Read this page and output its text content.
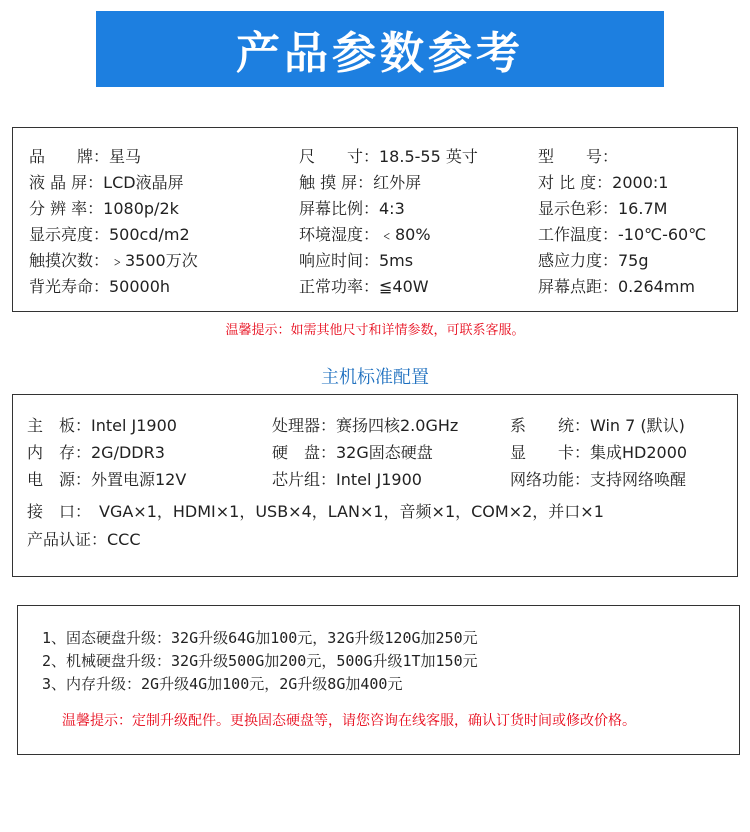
产品参数参考
品　　牌：星马	尺　　寸：18.5-55 英寸	型　　号：
液 晶 屏：LCD液晶屏	触 摸 屏：红外屏	对 比 度：2000:1
分 辨 率：1080p/2k	屏幕比例：4:3	显示色彩：16.7M
显示亮度：500cd/m2	环境湿度：﹤80%	工作温度：-10℃-60℃
触摸次数：﹥3500万次	响应时间：5ms	感应力度：75g
背光寿命：50000h	正常功率：≦40W	屏幕点距：0.264mm
温馨提示：如需其他尺寸和详情参数，可联系客服。
主机标准配置
主　板：Intel J1900	处理器：赛扬四核2.0GHz	系　　统：Win 7 (默认)
内　存：2G/DDR3	硬　盘：32G固态硬盘	显　　卡：集成HD2000
电　源：外置电源12V	芯片组：Intel J1900	网络功能：支持网络唤醒
接　口：　VGA×1，HDMI×1，USB×4，LAN×1，音频×1，COM×2，并口×1
产品认证：CCC
1、固态硬盘升级：32G升级64G加100元，32G升级120G加250元
2、机械硬盘升级：32G升级500G加200元，500G升级1T加150元
3、内存升级：2G升级4G加100元，2G升级8G加400元
温馨提示：定制升级配件。更换固态硬盘等，请您咨询在线客服，确认订货时间或修改价格。
